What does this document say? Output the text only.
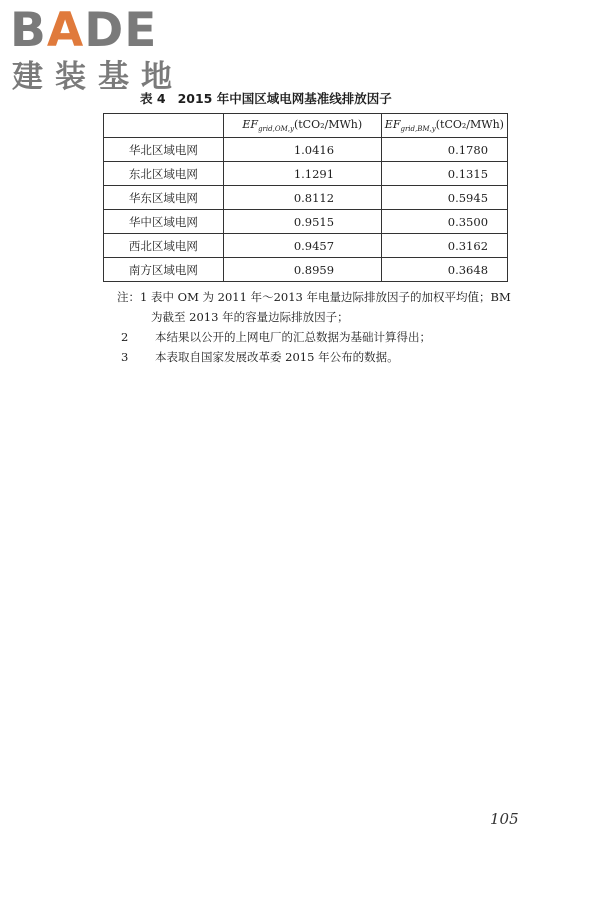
BADE
建装基地
表 4 2015 年中国区域电网基准线排放因子
	$EF_{grid,OM,y}(tCO_2/MWh)$	$EF_{grid,BM,y}(tCO_2/MWh)$
华北区域电网	1.0416	0.1780
东北区域电网	1.1291	0.1315
华东区域电网	0.8112	0.5945
华中区域电网	0.9515	0.3500
西北区域电网	0.9457	0.3162
南方区域电网	0.8959	0.3648
注：1 表中 OM 为 2011 年～2013 年电量边际排放因子的加权平均值；BM 为截至 2013 年的容量边际排放因子；
2	本结果以公开的上网电厂的汇总数据为基础计算得出；
3	本表取自国家发展改革委 2015 年公布的数据。
105
